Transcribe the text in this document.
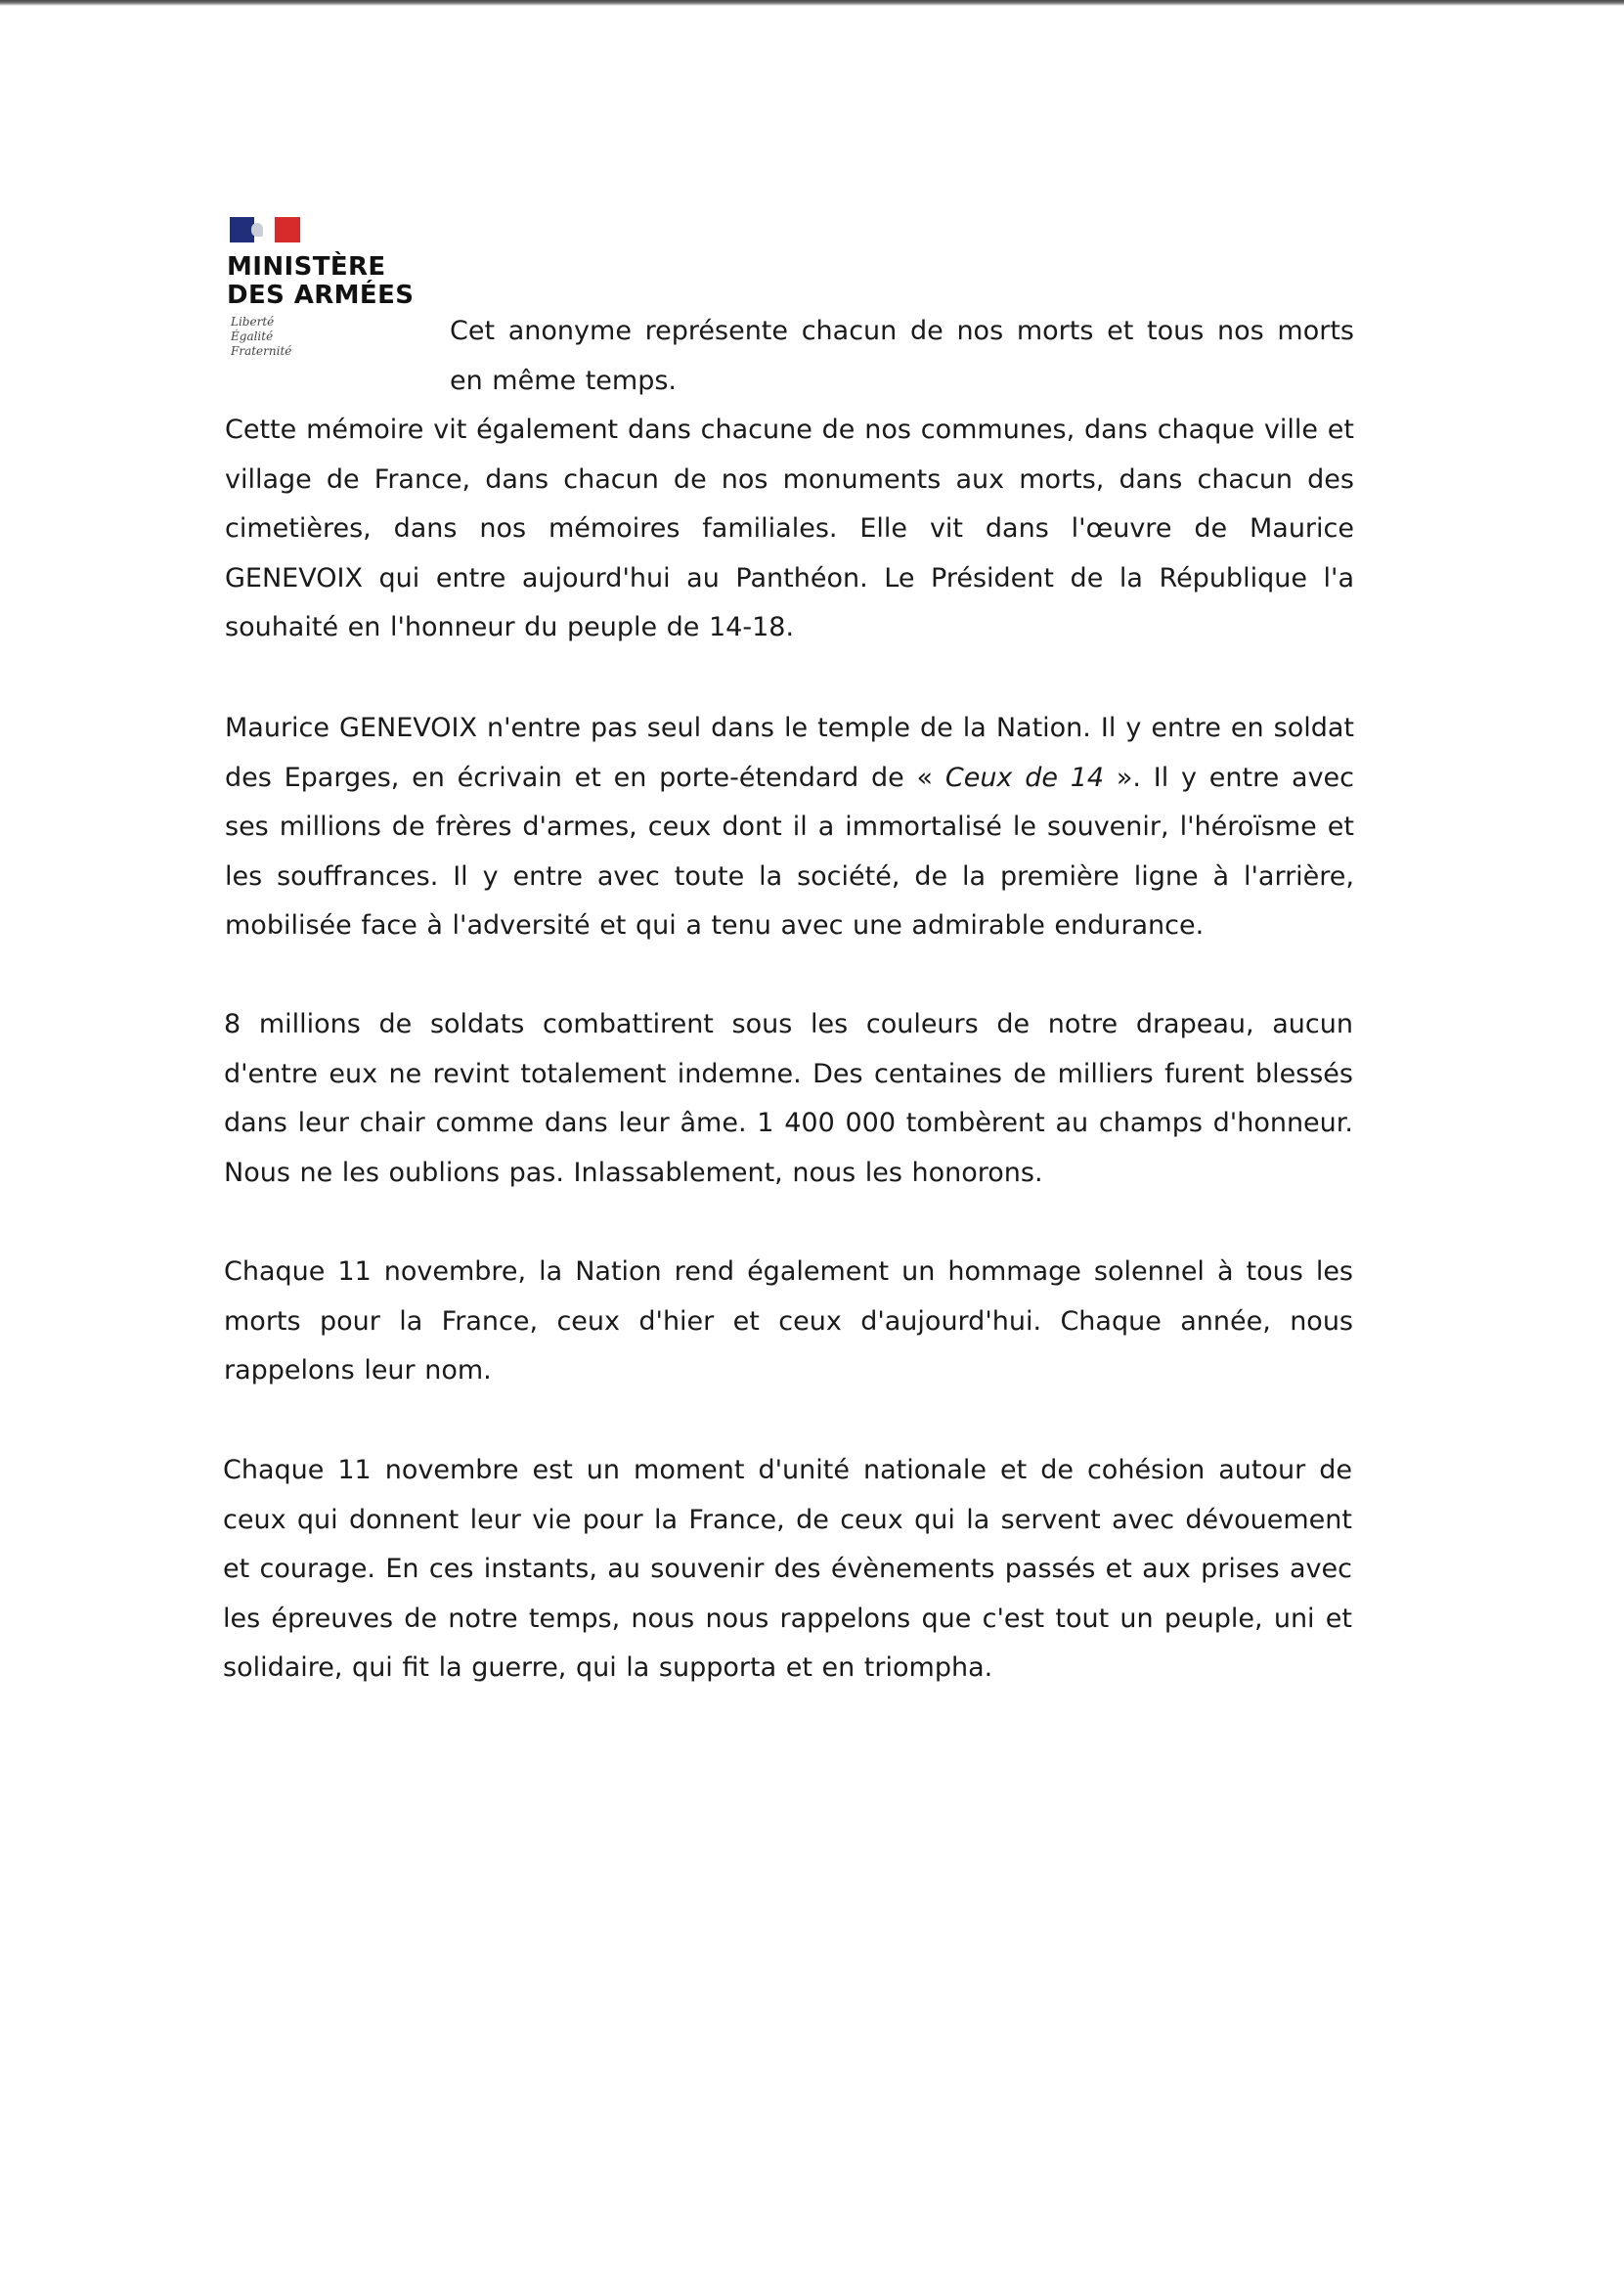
MINISTÈRE
DES ARMÉES
Liberté
Égalité
Fraternité

Cet anonyme représente chacun de nos morts et tous nos morts en même temps.

Cette mémoire vit également dans chacune de nos communes, dans chaque ville et village de France, dans chacun de nos monuments aux morts, dans chacun des cimetières, dans nos mémoires familiales. Elle vit dans l'œuvre de Maurice GENEVOIX qui entre aujourd'hui au Panthéon. Le Président de la République l'a souhaité en l'honneur du peuple de 14-18.

Maurice GENEVOIX n'entre pas seul dans le temple de la Nation. Il y entre en soldat des Eparges, en écrivain et en porte-étendard de « Ceux de 14 ». Il y entre avec ses millions de frères d'armes, ceux dont il a immortalisé le souvenir, l'héroïsme et les souffrances. Il y entre avec toute la société, de la première ligne à l'arrière, mobilisée face à l'adversité et qui a tenu avec une admirable endurance.

8 millions de soldats combattirent sous les couleurs de notre drapeau, aucun d'entre eux ne revint totalement indemne. Des centaines de milliers furent blessés dans leur chair comme dans leur âme. 1 400 000 tombèrent au champs d'honneur. Nous ne les oublions pas. Inlassablement, nous les honorons.

Chaque 11 novembre, la Nation rend également un hommage solennel à tous les morts pour la France, ceux d'hier et ceux d'aujourd'hui. Chaque année, nous rappelons leur nom.

Chaque 11 novembre est un moment d'unité nationale et de cohésion autour de ceux qui donnent leur vie pour la France, de ceux qui la servent avec dévouement et courage. En ces instants, au souvenir des évènements passés et aux prises avec les épreuves de notre temps, nous nous rappelons que c'est tout un peuple, uni et solidaire, qui fit la guerre, qui la supporta et en triompha.
